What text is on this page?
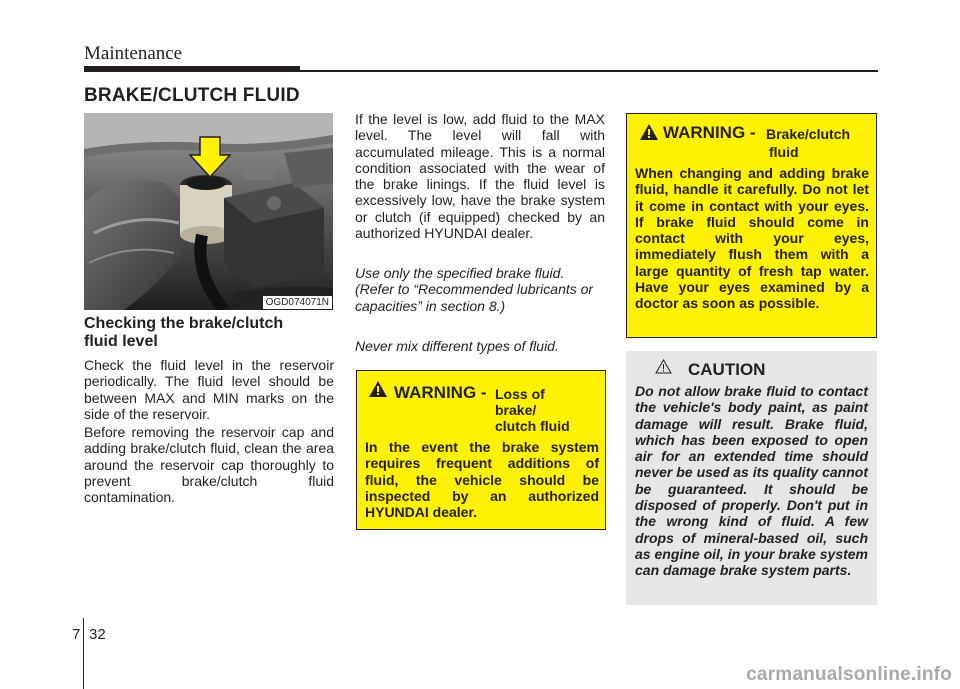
Maintenance
BRAKE/CLUTCH FLUID
OGD074071N
Checking the brake/clutch
fluid level
Check the fluid level in the reservoir periodically. The fluid level should be between MAX and MIN marks on the side of the reservoir.
Before removing the reservoir cap and adding brake/clutch fluid, clean the area around the reservoir cap thoroughly to prevent brake/clutch fluid contamination.
If the level is low, add fluid to the MAX level. The level will fall with accumulated mileage. This is a normal condition associated with the wear of the brake linings. If the fluid level is excessively low, have the brake system or clutch (if equipped) checked by an authorized HYUNDAI dealer.
Use only the specified brake fluid. (Refer to “Recommended lubricants or capacities” in section 8.)
Never mix different types of fluid.
WARNING - Loss of
brake/
clutch fluid
In the event the brake system requires frequent additions of fluid, the vehicle should be inspected by an authorized HYUNDAI dealer.
WARNING - Brake/clutch
fluid
When changing and adding brake fluid, handle it carefully. Do not let it come in contact with your eyes. If brake fluid should come in contact with your eyes, immediately flush them with a large quantity of fresh tap water. Have your eyes examined by a doctor as soon as possible.
CAUTION
Do not allow brake fluid to contact the vehicle's body paint, as paint damage will result. Brake fluid, which has been exposed to open air for an extended time should never be used as its quality cannot be guaranteed. It should be disposed of properly. Don't put in the wrong kind of fluid. A few drops of mineral-based oil, such as engine oil, in your brake system can damage brake system parts.
7 32
carmanualsonline.info
